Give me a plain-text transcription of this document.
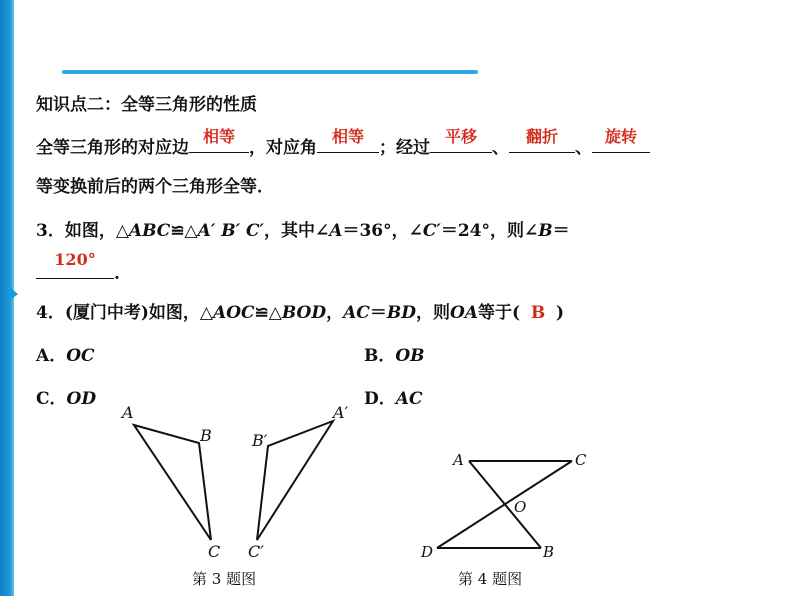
知识点二：全等三角形的性质
全等三角形的对应边
相等
，对应角
相等
；经过
平移
、
翻折
、
旋转
等变换前后的两个三角形全等．
3．如图，△ABC≌△A′ B′ C′，其中∠A＝36°，∠C′＝24°，则∠B＝
120°
.
4．(厦门中考)如图，△AOC≌△BOD，AC＝BD，则OA等于( B )
A．OC	B．OB
C．OD	D．AC
A
B
C
A′
B′
C′
第 3 题图
A	C
O
D	B
第 4 题图
